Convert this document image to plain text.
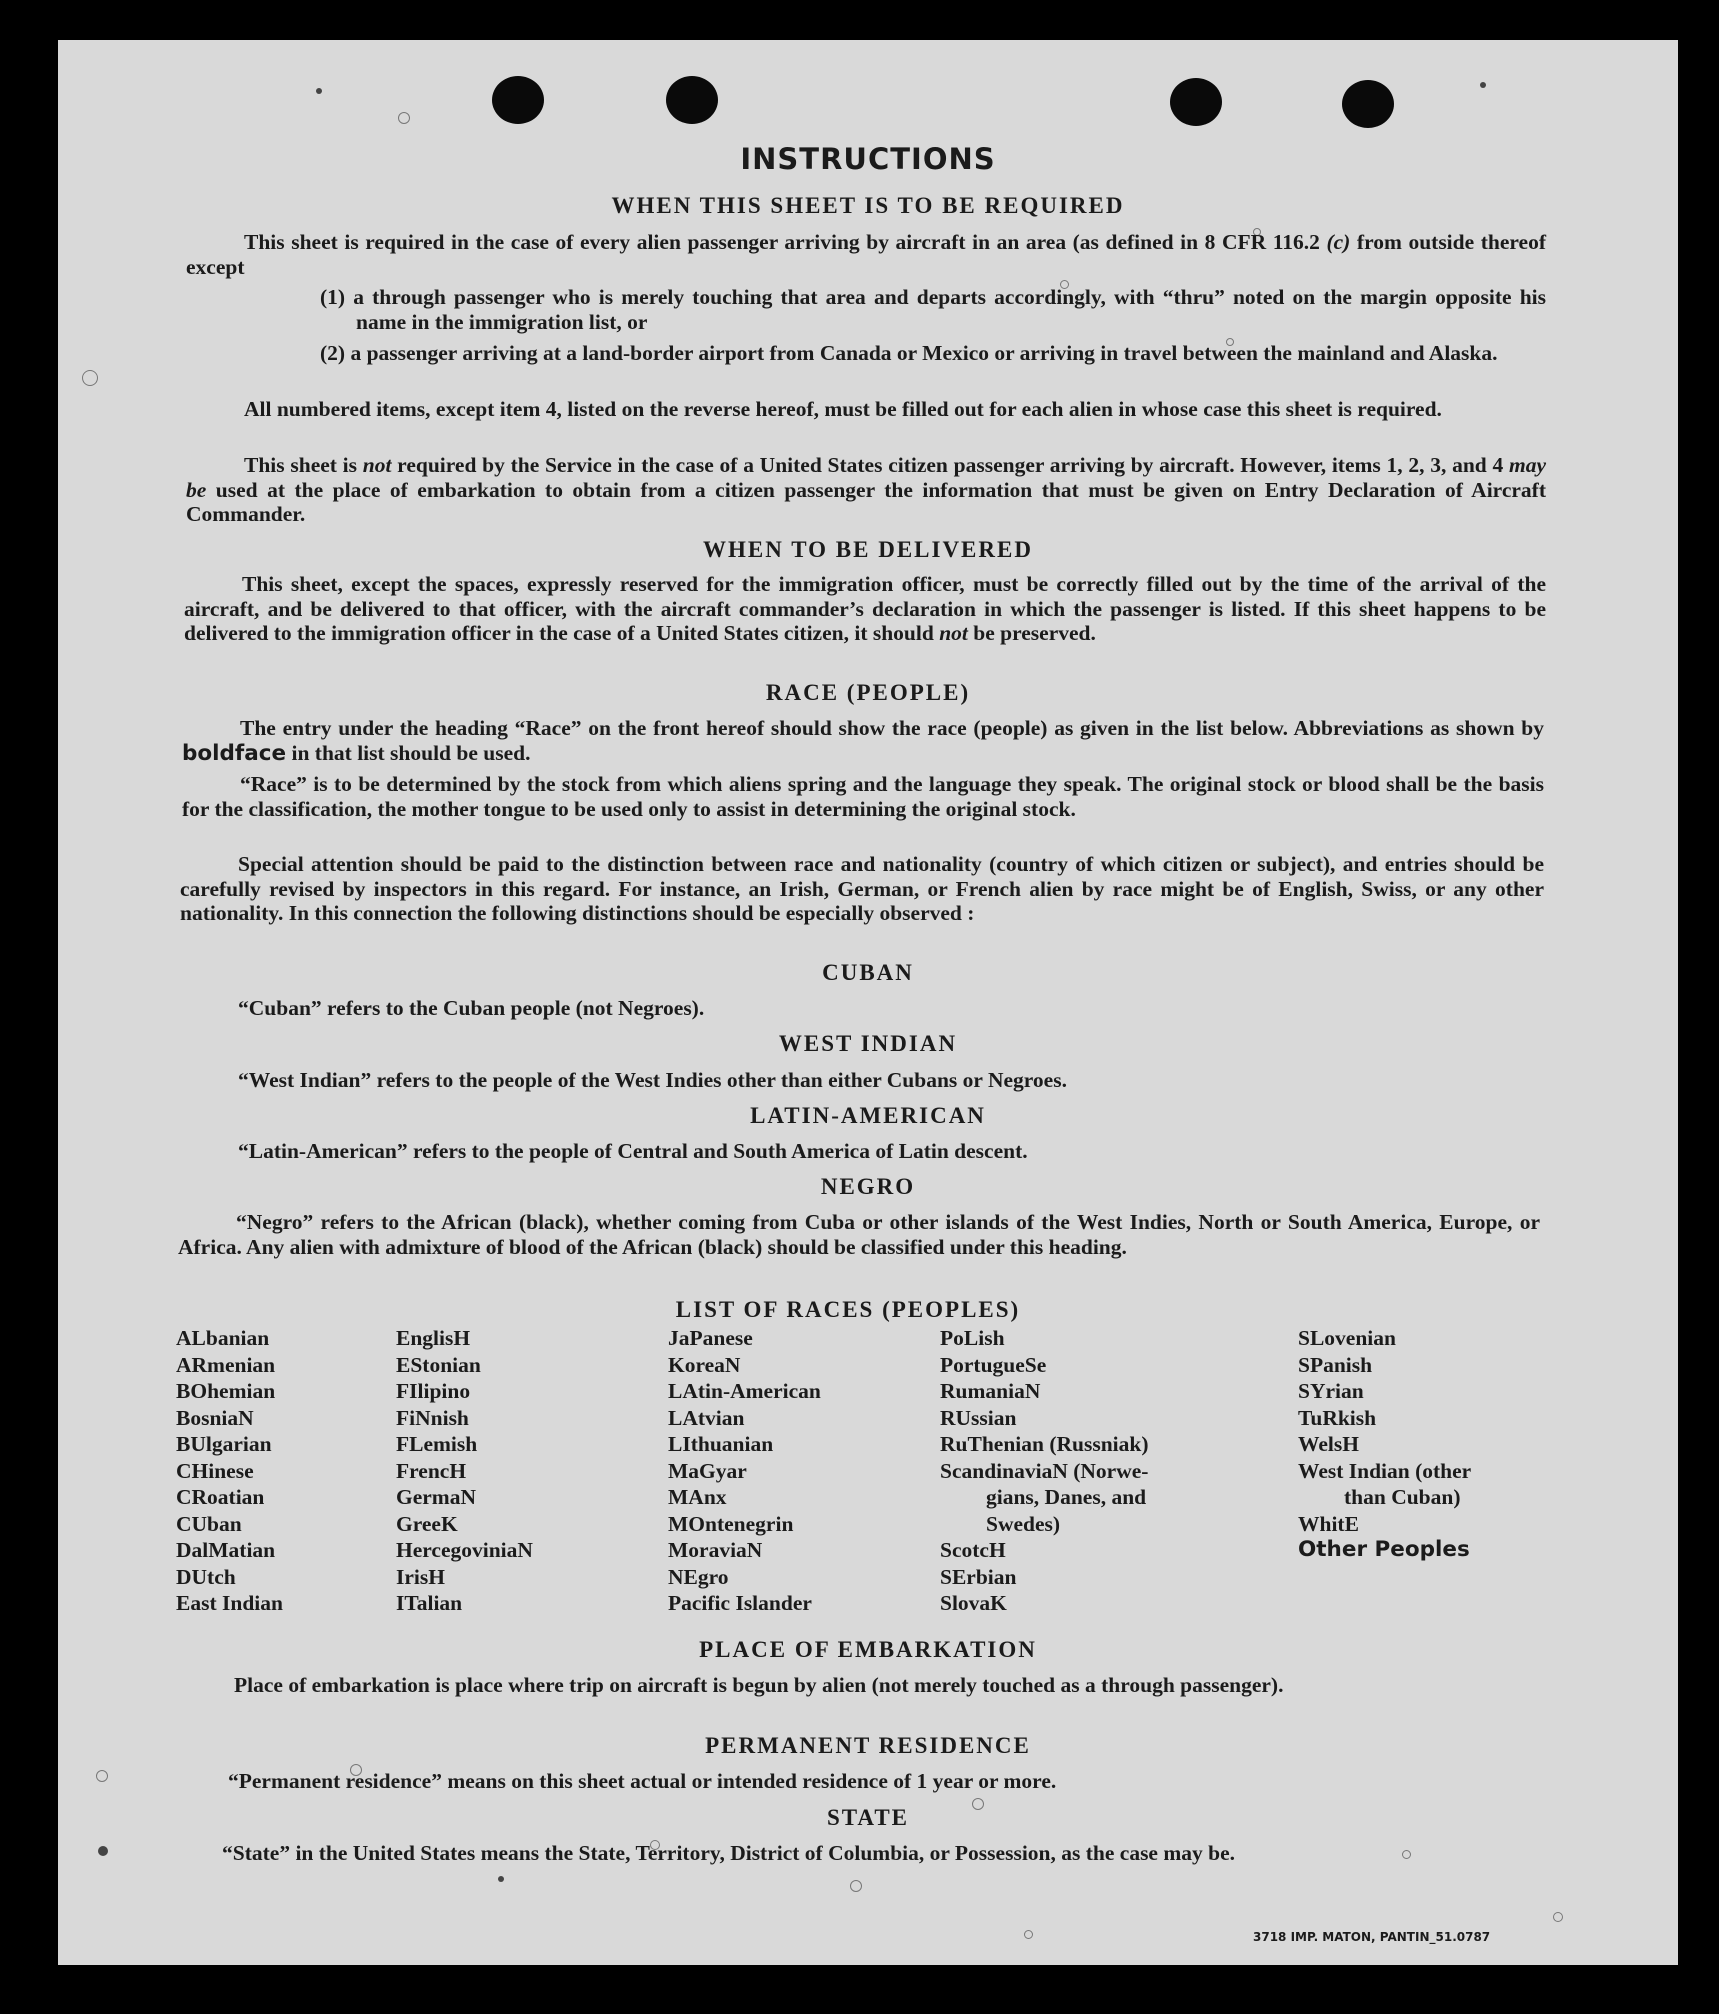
INSTRUCTIONS
WHEN THIS SHEET IS TO BE REQUIRED
This sheet is required in the case of every alien passenger arriving by aircraft in an area (as defined in 8 CFR 116.2 (c) from outside thereof except
(1) a through passenger who is merely touching that area and departs accordingly, with “thru” noted on the margin opposite his name in the immigration list, or
(2) a passenger arriving at a land-border airport from Canada or Mexico or arriving in travel between the mainland and Alaska.
All numbered items, except item 4, listed on the reverse hereof, must be filled out for each alien in whose case this sheet is required.
This sheet is not required by the Service in the case of a United States citizen passenger arriving by aircraft. However, items 1, 2, 3, and 4 may be used at the place of embarkation to obtain from a citizen passenger the information that must be given on Entry Declaration of Aircraft Commander.
WHEN TO BE DELIVERED
This sheet, except the spaces, expressly reserved for the immigration officer, must be correctly filled out by the time of the arrival of the aircraft, and be delivered to that officer, with the aircraft commander’s declaration in which the passenger is listed. If this sheet happens to be delivered to the immigration officer in the case of a United States citizen, it should not be preserved.
RACE (PEOPLE)
The entry under the heading “Race” on the front hereof should show the race (people) as given in the list below. Abbreviations as shown by boldface in that list should be used.
“Race” is to be determined by the stock from which aliens spring and the language they speak. The original stock or blood shall be the basis for the classification, the mother tongue to be used only to assist in determining the original stock.
Special attention should be paid to the distinction between race and nationality (country of which citizen or subject), and entries should be carefully revised by inspectors in this regard. For instance, an Irish, German, or French alien by race might be of English, Swiss, or any other nationality. In this connection the following distinctions should be especially observed :
CUBAN
“Cuban” refers to the Cuban people (not Negroes).
WEST INDIAN
“West Indian” refers to the people of the West Indies other than either Cubans or Negroes.
LATIN-AMERICAN
“Latin-American” refers to the people of Central and South America of Latin descent.
NEGRO
“Negro” refers to the African (black), whether coming from Cuba or other islands of the West Indies, North or South America, Europe, or Africa. Any alien with admixture of blood of the African (black) should be classified under this heading.
LIST OF RACES (PEOPLES)
ALbanian
ARmenian
BOhemian
BosniaN
BUlgarian
CHinese
CRoatian
CUban
DalMatian
DUtch
East Indian
EnglisH
EStonian
FIlipino
FiNnish
FLemish
FrencH
GermaN
GreeK
HercegoviniaN
IrisH
ITalian
JaPanese
KoreaN
LAtin-American
LAtvian
LIthuanian
MaGyar
MAnx
MOntenegrin
MoraviaN
NEgro
Pacific Islander
PoLish
PortugueSe
RumaniaN
RUssian
RuThenian (Russniak)
ScandinaviaN (Norwe-
gians, Danes, and
Swedes)
ScotcH
SErbian
SlovaK
SLovenian
SPanish
SYrian
TuRkish
WelsH
West Indian (other
than Cuban)
WhitE
Other Peoples
PLACE OF EMBARKATION
Place of embarkation is place where trip on aircraft is begun by alien (not merely touched as a through passenger).
PERMANENT RESIDENCE
“Permanent residence” means on this sheet actual or intended residence of 1 year or more.
STATE
“State” in the United States means the State, Territory, District of Columbia, or Possession, as the case may be.
3718 IMP. MATON, PANTIN_51.0787
